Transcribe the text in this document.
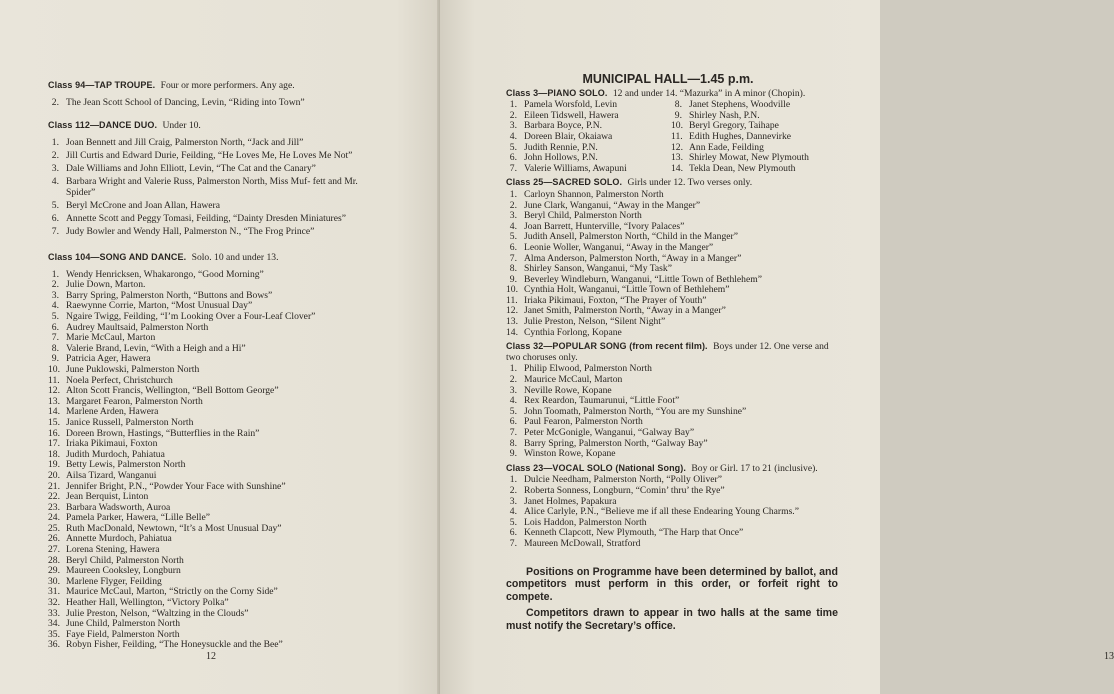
Class 94—TAP TROUPE. Four or more performers. Any age.
2. The Jean Scott School of Dancing, Levin, “Riding into Town”
Class 112—DANCE DUO. Under 10.
1. Joan Bennett and Jill Craig, Palmerston North, “Jack and Jill”
2. Jill Curtis and Edward Durie, Feilding, “He Loves Me, He Loves Me Not”
3. Dale Williams and John Elliott, Levin, “The Cat and the Canary”
4. Barbara Wright and Valerie Russ, Palmerston North, Miss Muf- fett and Mr. Spider”
5. Beryl McCrone and Joan Allan, Hawera
6. Annette Scott and Peggy Tomasi, Feilding, “Dainty Dresden Miniatures”
7. Judy Bowler and Wendy Hall, Palmerston N., “The Frog Prince”
Class 104—SONG AND DANCE. Solo. 10 and under 13.
1. Wendy Henricksen, Whakarongo, “Good Morning”
2. Julie Down, Marton.
3. Barry Spring, Palmerston North, “Buttons and Bows”
4. Raewynne Corrie, Marton, “Most Unusual Day”
5. Ngaire Twigg, Feilding, “I’m Looking Over a Four-Leaf Clover”
6. Audrey Maultsaid, Palmerston North
7. Marie McCaul, Marton
8. Valerie Brand, Levin, “With a Heigh and a Hi”
9. Patricia Ager, Hawera
10. June Puklowski, Palmerston North
11. Noela Perfect, Christchurch
12. Alton Scott Francis, Wellington, “Bell Bottom George”
13. Margaret Fearon, Palmerston North
14. Marlene Arden, Hawera
15. Janice Russell, Palmerston North
16. Doreen Brown, Hastings, “Butterflies in the Rain”
17. Iriaka Pikimaui, Foxton
18. Judith Murdoch, Pahiatua
19. Betty Lewis, Palmerston North
20. Ailsa Tizard, Wanganui
21. Jennifer Bright, P.N., “Powder Your Face with Sunshine”
22. Jean Berquist, Linton
23. Barbara Wadsworth, Auroa
24. Pamela Parker, Hawera, “Lille Belle”
25. Ruth MacDonald, Newtown, “It’s a Most Unusual Day”
26. Annette Murdoch, Pahiatua
27. Lorena Stening, Hawera
28. Beryl Child, Palmerston North
29. Maureen Cooksley, Longburn
30. Marlene Flyger, Feilding
31. Maurice McCaul, Marton, “Strictly on the Corny Side”
32. Heather Hall, Wellington, “Victory Polka”
33. Julie Preston, Nelson, “Waltzing in the Clouds”
34. June Child, Palmerston North
35. Faye Field, Palmerston North
36. Robyn Fisher, Feilding, “The Honeysuckle and the Bee”
12	13
MUNICIPAL HALL—1.45 p.m.
Class 3—PIANO SOLO. 12 and under 14. “Mazurka” in A minor (Chopin).
1. Pamela Worsfold, Levin
2. Eileen Tidswell, Hawera
3. Barbara Boyce, P.N.
4. Doreen Blair, Okaiawa
5. Judith Rennie, P.N.
6. John Hollows, P.N.
7. Valerie Williams, Awapuni
8. Janet Stephens, Woodville
9. Shirley Nash, P.N.
10. Beryl Gregory, Taihape
11. Edith Hughes, Dannevirke
12. Ann Eade, Feilding
13. Shirley Mowat, New Plymouth
14. Tekla Dean, New Plymouth
Class 25—SACRED SOLO. Girls under 12. Two verses only.
1. Carloyn Shannon, Palmerston North
2. June Clark, Wanganui, “Away in the Manger”
3. Beryl Child, Palmerston North
4. Joan Barrett, Hunterville, “Ivory Palaces”
5. Judith Ansell, Palmerston North, “Child in the Manger”
6. Leonie Woller, Wanganui, “Away in the Manger”
7. Alma Anderson, Palmerston North, “Away in a Manger”
8. Shirley Sanson, Wanganui, “My Task”
9. Beverley Windleburn, Wanganui, “Little Town of Bethlehem”
10. Cynthia Holt, Wanganui, “Little Town of Bethlehem”
11. Iriaka Pikimaui, Foxton, “The Prayer of Youth”
12. Janet Smith, Palmerston North, “Away in a Manger”
13. Julie Preston, Nelson, “Silent Night”
14. Cynthia Forlong, Kopane
Class 32—POPULAR SONG (from recent film). Boys under 12. One verse and two choruses only.
1. Philip Elwood, Palmerston North
2. Maurice McCaul, Marton
3. Neville Rowe, Kopane
4. Rex Reardon, Taumarunui, “Little Foot”
5. John Toomath, Palmerston North, “You are my Sunshine”
6. Paul Fearon, Palmerston North
7. Peter McGonigle, Wanganui, “Galway Bay”
8. Barry Spring, Palmerston North, “Galway Bay”
9. Winston Rowe, Kopane
Class 23—VOCAL SOLO (National Song). Boy or Girl. 17 to 21 (inclusive).
1. Dulcie Needham, Palmerston North, “Polly Oliver”
2. Roberta Sonness, Longburn, “Comin’ thru’ the Rye”
3. Janet Holmes, Papakura
4. Alice Carlyle, P.N., “Believe me if all these Endearing Young Charms.”
5. Lois Haddon, Palmerston North
6. Kenneth Clapcott, New Plymouth, “The Harp that Once”
7. Maureen McDowall, Stratford

Positions on Programme have been determined by ballot, and competitors must perform in this order, or forfeit right to compete.

Competitors drawn to appear in two halls at the same time must notify the Secretary’s office.
